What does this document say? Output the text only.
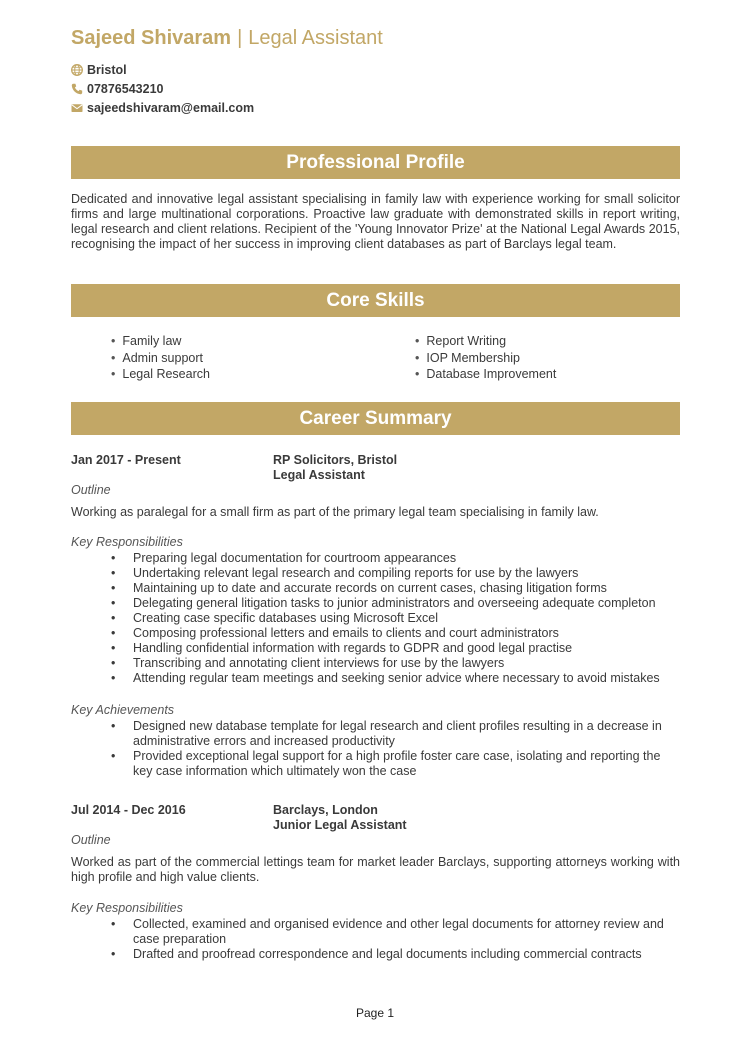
Sajeed Shivaram | Legal Assistant
Bristol
07876543210
sajeedshivaram@email.com
Professional Profile

Dedicated and innovative legal assistant specialising in family law with experience working for small solicitor firms and large multinational corporations. Proactive law graduate with demonstrated skills in report writing, legal research and client relations. Recipient of the 'Young Innovator Prize' at the National Legal Awards 2015, recognising the impact of her success in improving client databases as part of Barclays legal team.

Core Skills
• Family law
• Admin support
• Legal Research
• Report Writing
• IOP Membership
• Database Improvement
Career Summary
Jan 2017 - Present	RP Solicitors, Bristol
Legal Assistant
Outline

Working as paralegal for a small firm as part of the primary legal team specialising in family law.

Key Responsibilities
• Preparing legal documentation for courtroom appearances
• Undertaking relevant legal research and compiling reports for use by the lawyers
• Maintaining up to date and accurate records on current cases, chasing litigation forms
• Delegating general litigation tasks to junior administrators and overseeing adequate completon
• Creating case specific databases using Microsoft Excel
• Composing professional letters and emails to clients and court administrators
• Handling confidential information with regards to GDPR and good legal practise
• Transcribing and annotating client interviews for use by the lawyers
• Attending regular team meetings and seeking senior advice where necessary to avoid mistakes
Key Achievements
• Designed new database template for legal research and client profiles resulting in a decrease in administrative errors and increased productivity
• Provided exceptional legal support for a high profile foster care case, isolating and reporting the key case information which ultimately won the case
Jul 2014 - Dec 2016	Barclays, London
Junior Legal Assistant
Outline

Worked as part of the commercial lettings team for market leader Barclays, supporting attorneys working with high profile and high value clients.

Key Responsibilities
• Collected, examined and organised evidence and other legal documents for attorney review and case preparation
• Drafted and proofread correspondence and legal documents including commercial contracts
Page 1
